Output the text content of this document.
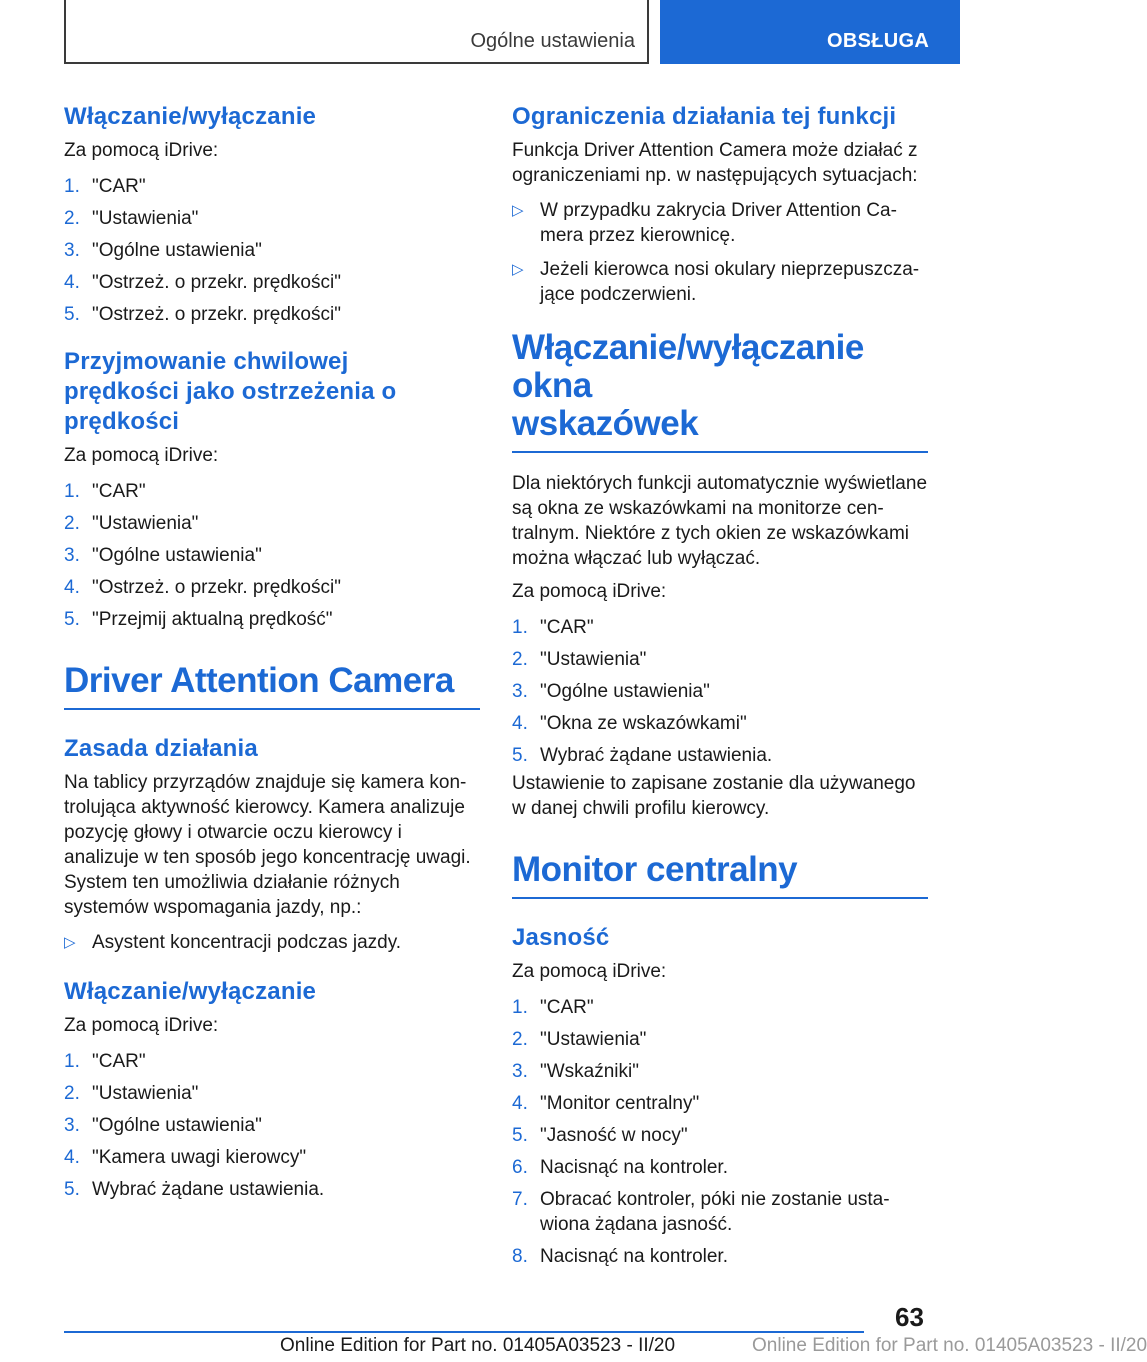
Ogólne ustawienia	OBSŁUGA
Włączanie/wyłączanie

Za pomocą iDrive:

1. "CAR"
2. "Ustawienia"
3. "Ogólne ustawienia"
4. "Ostrzeż. o przekr. prędkości"
5. "Ostrzeż. o przekr. prędkości"
Przyjmowanie chwilowej
prędkości jako ostrzeżenia o
prędkości

Za pomocą iDrive:

1. "CAR"
2. "Ustawienia"
3. "Ogólne ustawienia"
4. "Ostrzeż. o przekr. prędkości"
5. "Przejmij aktualną prędkość"
Driver Attention Camera
Zasada działania

Na tablicy przyrządów znajduje się kamera kontrolująca aktywność kierowcy. Kamera analizuje pozycję głowy i otwarcie oczu kierowcy i analizuje w ten sposób jego koncentrację uwagi. System ten umożliwia działanie różnych systemów wspomagania jazdy, np.:

▷ Asystent koncentracji podczas jazdy.
Włączanie/wyłączanie

Za pomocą iDrive:

1. "CAR"
2. "Ustawienia"
3. "Ogólne ustawienia"
4. "Kamera uwagi kierowcy"
5. Wybrać żądane ustawienia.
Ograniczenia działania tej funkcji

Funkcja Driver Attention Camera może działać z ograniczeniami np. w następujących sytuacjach:

▷ W przypadku zakrycia Driver Attention Camera przez kierownicę.
▷ Jeżeli kierowca nosi okulary nieprzepuszczające podczerwieni.
Włączanie/wyłączanie okna
wskazówek

Dla niektórych funkcji automatycznie wyświetlane są okna ze wskazówkami na monitorze centralnym. Niektóre z tych okien ze wskazówkami można włączać lub wyłączać.

Za pomocą iDrive:

1. "CAR"
2. "Ustawienia"
3. "Ogólne ustawienia"
4. "Okna ze wskazówkami"
5. Wybrać żądane ustawienia.

Ustawienie to zapisane zostanie dla używanego w danej chwili profilu kierowcy.

Monitor centralny
Jasność

Za pomocą iDrive:

1. "CAR"
2. "Ustawienia"
3. "Wskaźniki"
4. "Monitor centralny"
5. "Jasność w nocy"
6. Nacisnąć na kontroler.
7. Obracać kontroler, póki nie zostanie ustawiona żądana jasność.
8. Nacisnąć na kontroler.
63
Online Edition for Part no. 01405A03523 - II/20	Online Edition for Part no. 01405A03523 - II/20
